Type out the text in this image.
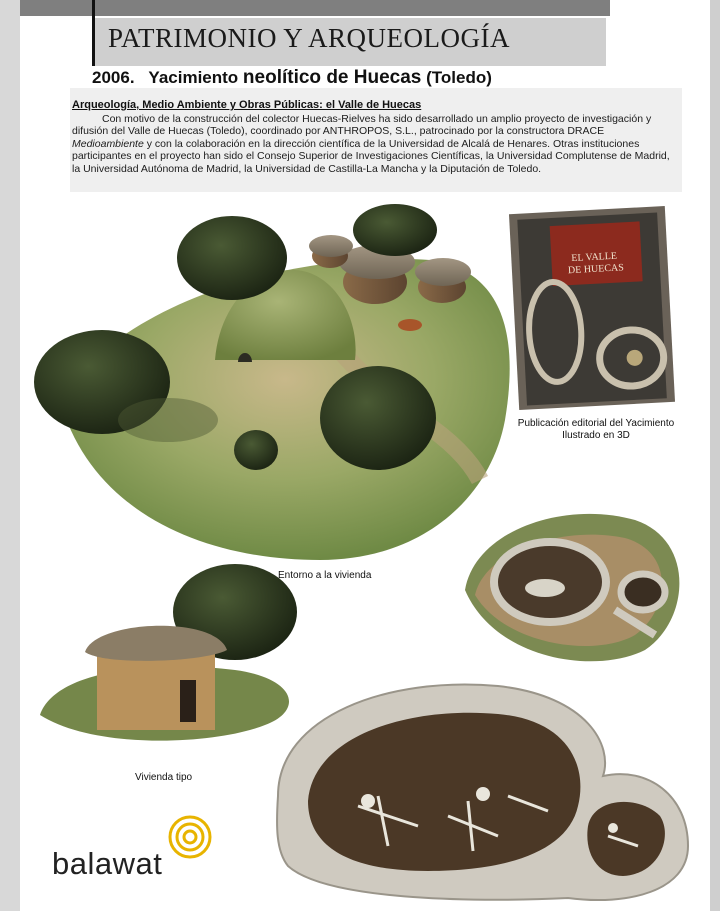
PATRIMONIO Y ARQUEOLOGÍA
2006. Yacimiento neolítico de Huecas (Toledo)
Arqueología, Medio Ambiente y Obras Públicas: el Valle de Huecas
Con motivo de la construcción del colector Huecas-Rielves ha sido desarrollado un amplio proyecto de investigación y difusión del Valle de Huecas (Toledo), coordinado por ANTHROPOS, S.L., patrocinado por la constructora DRACE Medioambiente y con la colaboración en la dirección científica de la Universidad de Alcalá de Henares. Otras instituciones participantes en el proyecto han sido el Consejo Superior de Investigaciones Científicas, la Universidad Complutense de Madrid, la Universidad Autónoma de Madrid, la Universidad de Castilla-La Mancha y la Diputación de Toledo.
EL VALLE
DE HUECAS
Publicación editorial del Yacimiento Ilustrado en 3D
Entorno a la vivienda
Vivienda tipo
balawat
